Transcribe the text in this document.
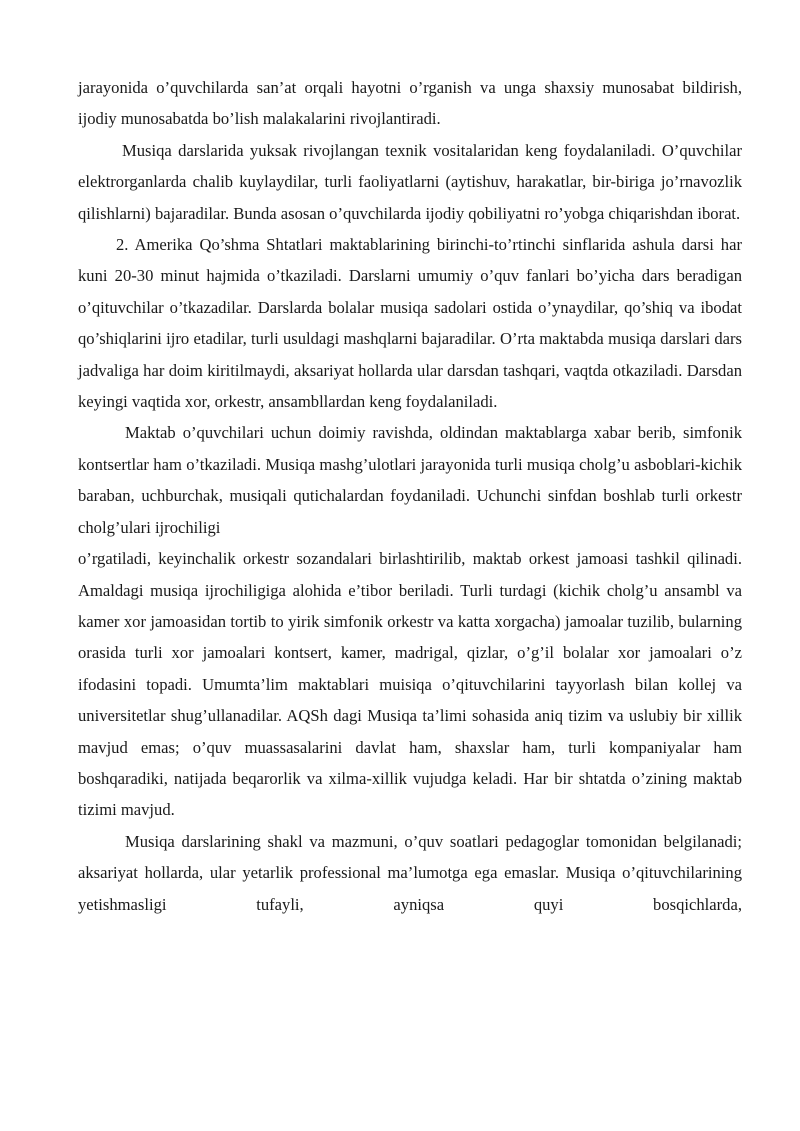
jarayonida o’quvchilarda san’at orqali hayotni o’rganish va unga shaxsiy munosabat bildirish, ijodiy munosabatda bo’lish malakalarini rivojlantiradi.

Musiqa darslarida yuksak rivojlangan texnik vositalaridan keng foydalaniladi. O’quvchilar elektrorganlarda chalib kuylaydilar, turli faoliyatlarni (aytishuv, harakatlar, bir-biriga jo’rnavozlik qilishlarni) bajaradilar. Bunda asosan o’quvchilarda ijodiy qobiliyatni ro’yobga chiqarishdan iborat.

2. Amerika Qo’shma Shtatlari maktablarining birinchi-to’rtinchi sinflarida ashula darsi har kuni 20-30 minut hajmida o’tkaziladi. Darslarni umumiy o’quv fanlari bo’yicha dars beradigan o’qituvchilar o’tkazadilar. Darslarda bolalar musiqa sadolari ostida o’ynaydilar, qo’shiq va ibodat qo’shiqlarini ijro etadilar, turli usuldagi mashqlarni bajaradilar. O’rta maktabda musiqa darslari dars jadvaliga har doim kiritilmaydi, aksariyat hollarda ular darsdan tashqari, vaqtda otkaziladi. Darsdan keyingi vaqtida xor, orkestr, ansambllardan keng foydalaniladi.

Maktab o’quvchilari uchun doimiy ravishda, oldindan maktablarga xabar berib, simfonik kontsertlar ham o’tkaziladi. Musiqa mashg’ulotlari jarayonida turli musiqa cholg’u asboblari-kichik baraban, uchburchak, musiqali qutichalardan foydaniladi. Uchunchi sinfdan boshlab turli orkestr cholg’ulari ijrochiligi

o’rgatiladi, keyinchalik orkestr sozandalari birlashtirilib, maktab orkest jamoasi tashkil qilinadi. Amaldagi musiqa ijrochiligiga alohida e’tibor beriladi. Turli turdagi (kichik cholg’u ansambl va kamer xor jamoasidan tortib to yirik simfonik orkestr va katta xorgacha) jamoalar tuzilib, bularning orasida turli xor jamoalari kontsert, kamer, madrigal, qizlar, o’g’il bolalar xor jamoalari o’z ifodasini topadi. Umumta’lim maktablari muisiqa o’qituvchilarini tayyorlash bilan kollej va universitetlar shug’ullanadilar. AQSh dagi Musiqa ta’limi sohasida aniq tizim va uslubiy bir xillik mavjud emas; o’quv muassasalarini davlat ham, shaxslar ham, turli kompaniyalar ham boshqaradiki, natijada beqarorlik va xilma-xillik vujudga keladi. Har bir shtatda o’zining maktab tizimi mavjud.

Musiqa darslarining shakl va mazmuni, o’quv soatlari pedagoglar tomonidan belgilanadi; aksariyat hollarda, ular yetarlik professional ma’lumotga ega emaslar. Musiqa o’qituvchilarining yetishmasligi tufayli, ayniqsa quyi bosqichlarda,
